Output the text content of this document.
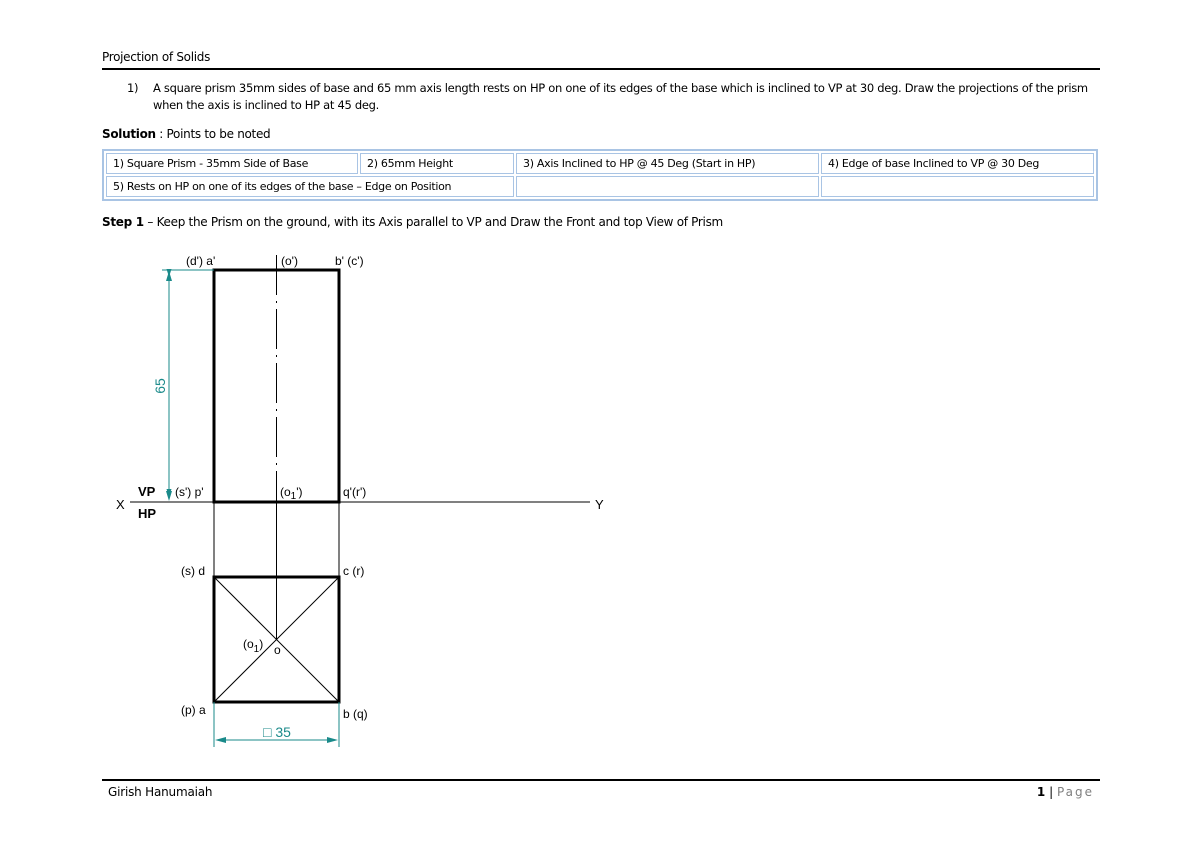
Projection of Solids
1) A square prism 35mm sides of base and 65 mm axis length rests on HP on one of its edges of the base which is inclined to VP at 30 deg. Draw the projections of the prism when the axis is inclined to HP at 45 deg.
Solution : Points to be noted
1) Square Prism - 35mm Side of Base	2) 65mm Height	3) Axis Inclined to HP @ 45 Deg (Start in HP)	4) Edge of base Inclined to VP @ 30 Deg
5) Rests on HP on one of its edges of the base – Edge on Position			
Step 1 – Keep the Prism on the ground, with its Axis parallel to VP and Draw the Front and top View of Prism
X	Y
VP
HP
65
□ 35
(d') a'	(o')	b' (c')
(s') p'	$(o_1')$	q'(r')
(s) d	c (r)
$(o_1)$ o
(p) a	b (q)
Girish Hanumaiah	1 | Page
